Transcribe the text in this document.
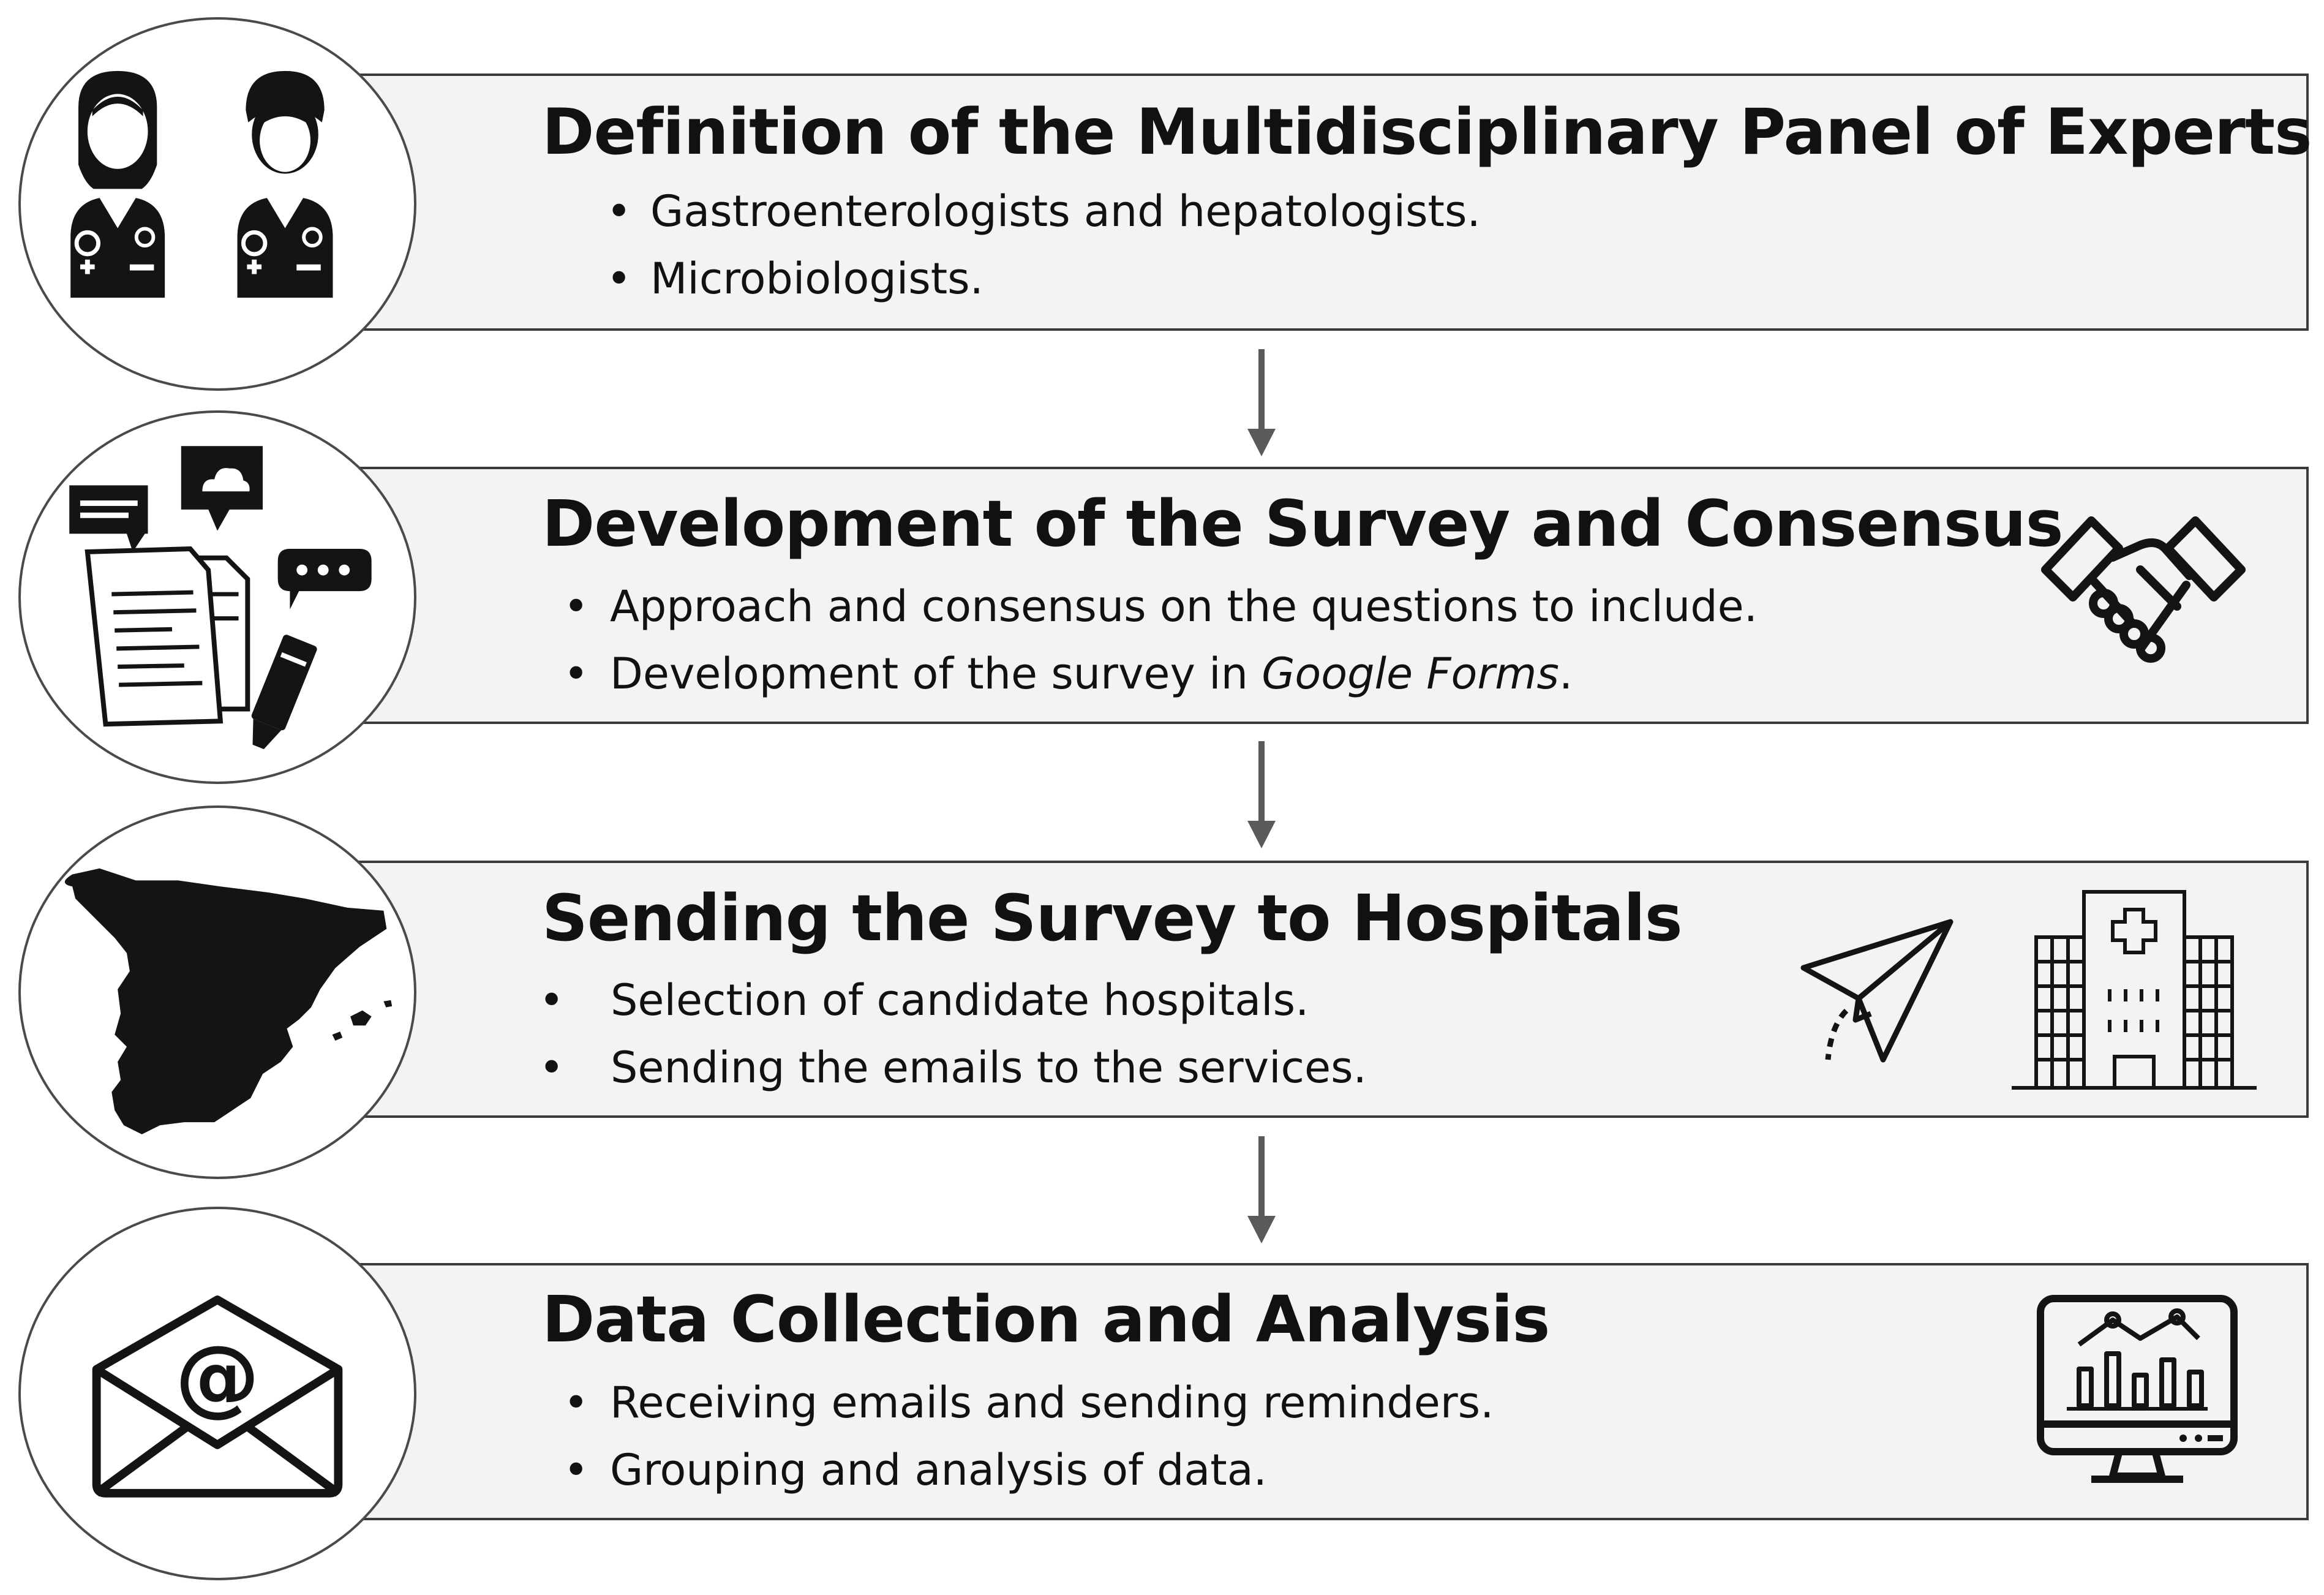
Definition of the Multidisciplinary Panel of Experts
• Gastroenterologists and hepatologists.
• Microbiologists.
Development of the Survey and Consensus
• Approach and consensus on the questions to include.
• Development of the survey in Google Forms.
Sending the Survey to Hospitals
• Selection of candidate hospitals.
• Sending the emails to the services.
@
Data Collection and Analysis
• Receiving emails and sending reminders.
• Grouping and analysis of data.
